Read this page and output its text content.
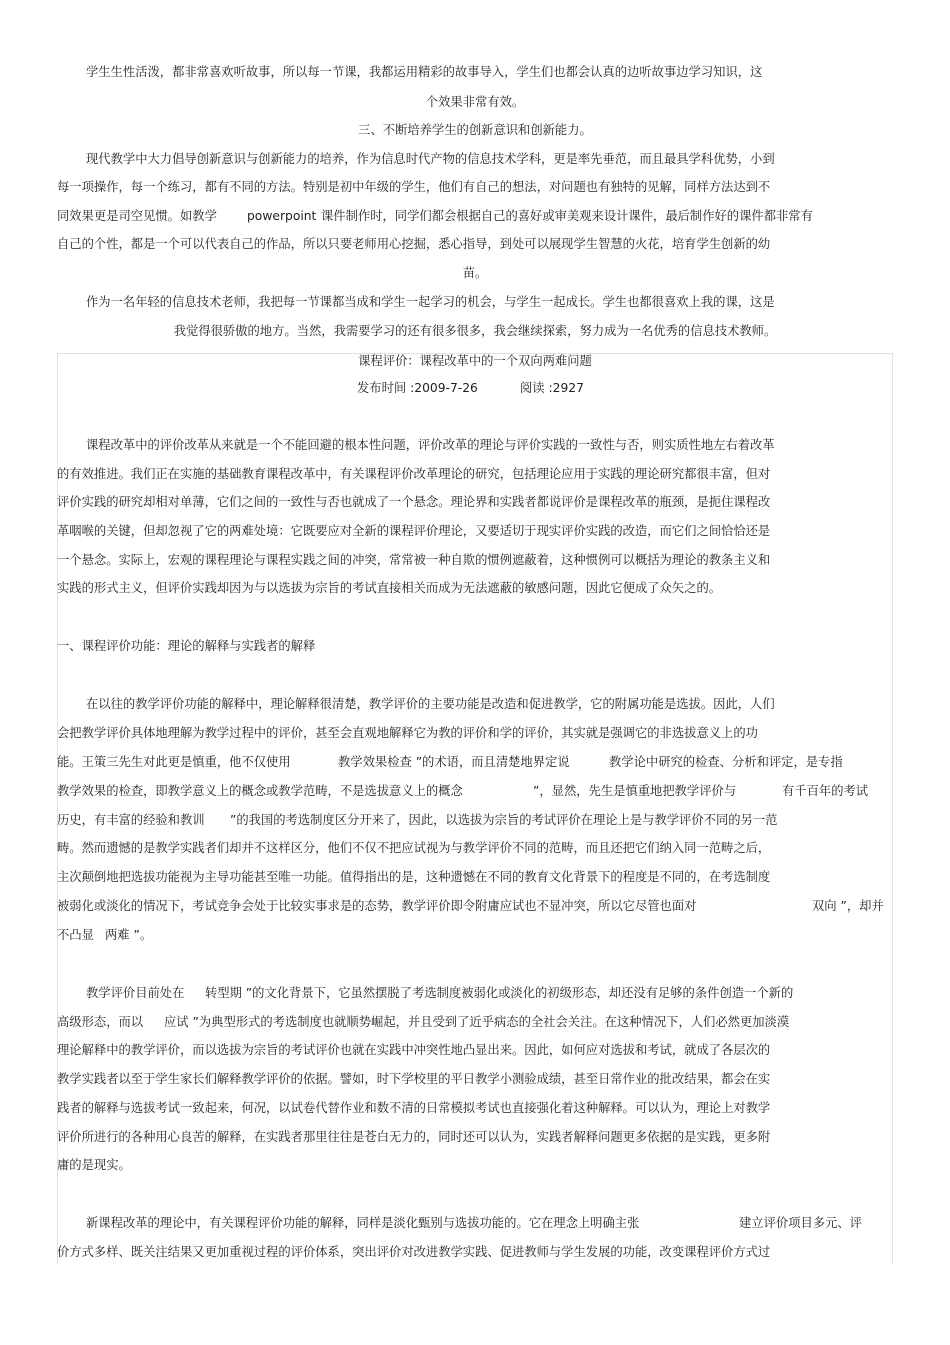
学生生性活泼，都非常喜欢听故事，所以每一节课，我都运用精彩的故事导入，学生们也都会认真的边听故事边学习知识，这
个效果非常有效。
三、不断培养学生的创新意识和创新能力。
现代教学中大力倡导创新意识与创新能力的培养，作为信息时代产物的信息技术学科，更是率先垂范，而且最具学科优势，小到
每一项操作，每一个练习，都有不同的方法。特别是初中年级的学生，他们有自己的想法，对问题也有独特的见解，同样方法达到不
同效果更是司空见惯。如教学 powerpoint 课件制作时，同学们都会根据自己的喜好或审美观来设计课件，最后制作好的课件都非常有
自己的个性，都是一个可以代表自己的作品，所以只要老师用心挖掘，悉心指导，到处可以展现学生智慧的火花，培育学生创新的幼
苗。
作为一名年轻的信息技术老师，我把每一节课都当成和学生一起学习的机会，与学生一起成长。学生也都很喜欢上我的课，这是
我觉得很骄傲的地方。当然，我需要学习的还有很多很多，我会继续探索，努力成为一名优秀的信息技术教师。
课程评价：课程改革中的一个双向两难问题
发布时间 :2009-7-26	阅读 :2927
课程改革中的评价改革从来就是一个不能回避的根本性问题，评价改革的理论与评价实践的一致性与否，则实质性地左右着改革
的有效推进。我们正在实施的基础教育课程改革中，有关课程评价改革理论的研究，包括理论应用于实践的理论研究都很丰富，但对
评价实践的研究却相对单薄，它们之间的一致性与否也就成了一个悬念。理论界和实践者都说评价是课程改革的瓶颈，是扼住课程改
革咽喉的关键，但却忽视了它的两难处境：它既要应对全新的课程评价理论，又要适切于现实评价实践的改造，而它们之间恰恰还是
一个悬念。实际上，宏观的课程理论与课程实践之间的冲突，常常被一种自欺的惯例遮蔽着，这种惯例可以概括为理论的教条主义和
实践的形式主义，但评价实践却因为与以选拔为宗旨的考试直接相关而成为无法遮蔽的敏感问题，因此它便成了众矢之的。
一、课程评价功能：理论的解释与实践者的解释
在以往的教学评价功能的解释中，理论解释很清楚，教学评价的主要功能是改造和促进教学，它的附属功能是选拔。因此，人们
会把教学评价具体地理解为教学过程中的评价，甚至会直观地解释它为教的评价和学的评价，其实就是强调它的非选拔意义上的功
能。王策三先生对此更是慎重，他不仅使用	教学效果检查 ”的术语，而且清楚地界定说	教学论中研究的检查、分析和评定，是专指
教学效果的检查，即教学意义上的概念或教学范畴，不是选拔意义上的概念	”，显然，先生是慎重地把教学评价与	有千百年的考试
历史，有丰富的经验和教训 ”的我国的考选制度区分开来了，因此，以选拔为宗旨的考试评价在理论上是与教学评价不同的另一范
畴。然而遗憾的是教学实践者们却并不这样区分，他们不仅不把应试视为与教学评价不同的范畴，而且还把它们纳入同一范畴之后，
主次颠倒地把选拔功能视为主导功能甚至唯一功能。值得指出的是，这种遗憾在不同的教育文化背景下的程度是不同的，在考选制度
被弱化或淡化的情况下，考试竞争会处于比较实事求是的态势，教学评价即令附庸应试也不显冲突，所以它尽管也面对	双向 ”，却并
不凸显 两难 ”。
教学评价目前处在 转型期 ”的文化背景下，它虽然摆脱了考选制度被弱化或淡化的初级形态，却还没有足够的条件创造一个新的
高级形态，而以 应试 ”为典型形式的考选制度也就顺势崛起，并且受到了近乎病态的全社会关注。在这种情况下，人们必然更加淡漠
理论解释中的教学评价，而以选拔为宗旨的考试评价也就在实践中冲突性地凸显出来。因此，如何应对选拔和考试，就成了各层次的
教学实践者以至于学生家长们解释教学评价的依据。譬如，时下学校里的平日教学小测验成绩，甚至日常作业的批改结果，都会在实
践者的解释与选拔考试一致起来，何况，以试卷代替作业和数不清的日常模拟考试也直接强化着这种解释。可以认为，理论上对教学
评价所进行的各种用心良苦的解释，在实践者那里往往是苍白无力的，同时还可以认为，实践者解释问题更多依据的是实践，更多附
庸的是现实。
新课程改革的理论中，有关课程评价功能的解释，同样是淡化甄别与选拔功能的。它在理念上明确主张	建立评价项目多元、评
价方式多样、既关注结果又更加重视过程的评价体系，突出评价对改进教学实践、促进教师与学生发展的功能，改变课程评价方式过
